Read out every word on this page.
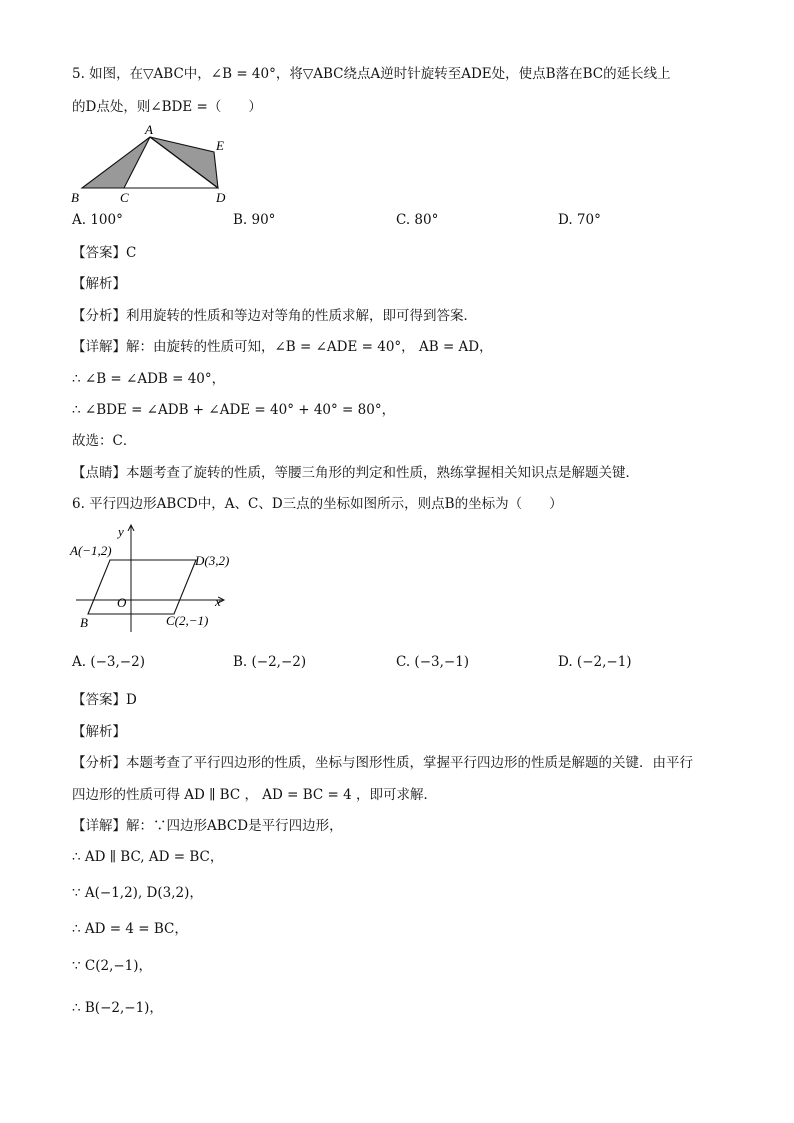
5. 如图，在▽ABC中，∠B = 40°，将▽ABC绕点A逆时针旋转至ADE处，使点B落在BC的延长线上
的D点处，则∠BDE =（　　）
A
B	C	D
E
A. 100°	B. 90°	C. 80°	D. 70°
【答案】C
【解析】
【分析】利用旋转的性质和等边对等角的性质求解，即可得到答案．
【详解】解：由旋转的性质可知，∠B = ∠ADE = 40°， AB = AD，
∴ ∠B = ∠ADB = 40°，
∴ ∠BDE = ∠ADB + ∠ADE = 40° + 40° = 80°，
故选：C．
【点睛】本题考查了旋转的性质，等腰三角形的判定和性质，熟练掌握相关知识点是解题关键．
6. 平行四边形ABCD中，A、C、D三点的坐标如图所示，则点B的坐标为（　　）
y
x
O
A(−1,2)
D(3,2)
B	C(2,−1)
A. (−3,−2)	B. (−2,−2)	C. (−3,−1)	D. (−2,−1)
【答案】D
【解析】
【分析】本题考查了平行四边形的性质，坐标与图形性质，掌握平行四边形的性质是解题的关键．由平行
四边形的性质可得 AD ∥ BC ， AD = BC = 4 ，即可求解．
【详解】解：∵四边形ABCD是平行四边形，
∴ AD ∥ BC, AD = BC，
∵ A(−1,2), D(3,2)，
∴ AD = 4 = BC，
∵ C(2,−1)，
∴ B(−2,−1)，
